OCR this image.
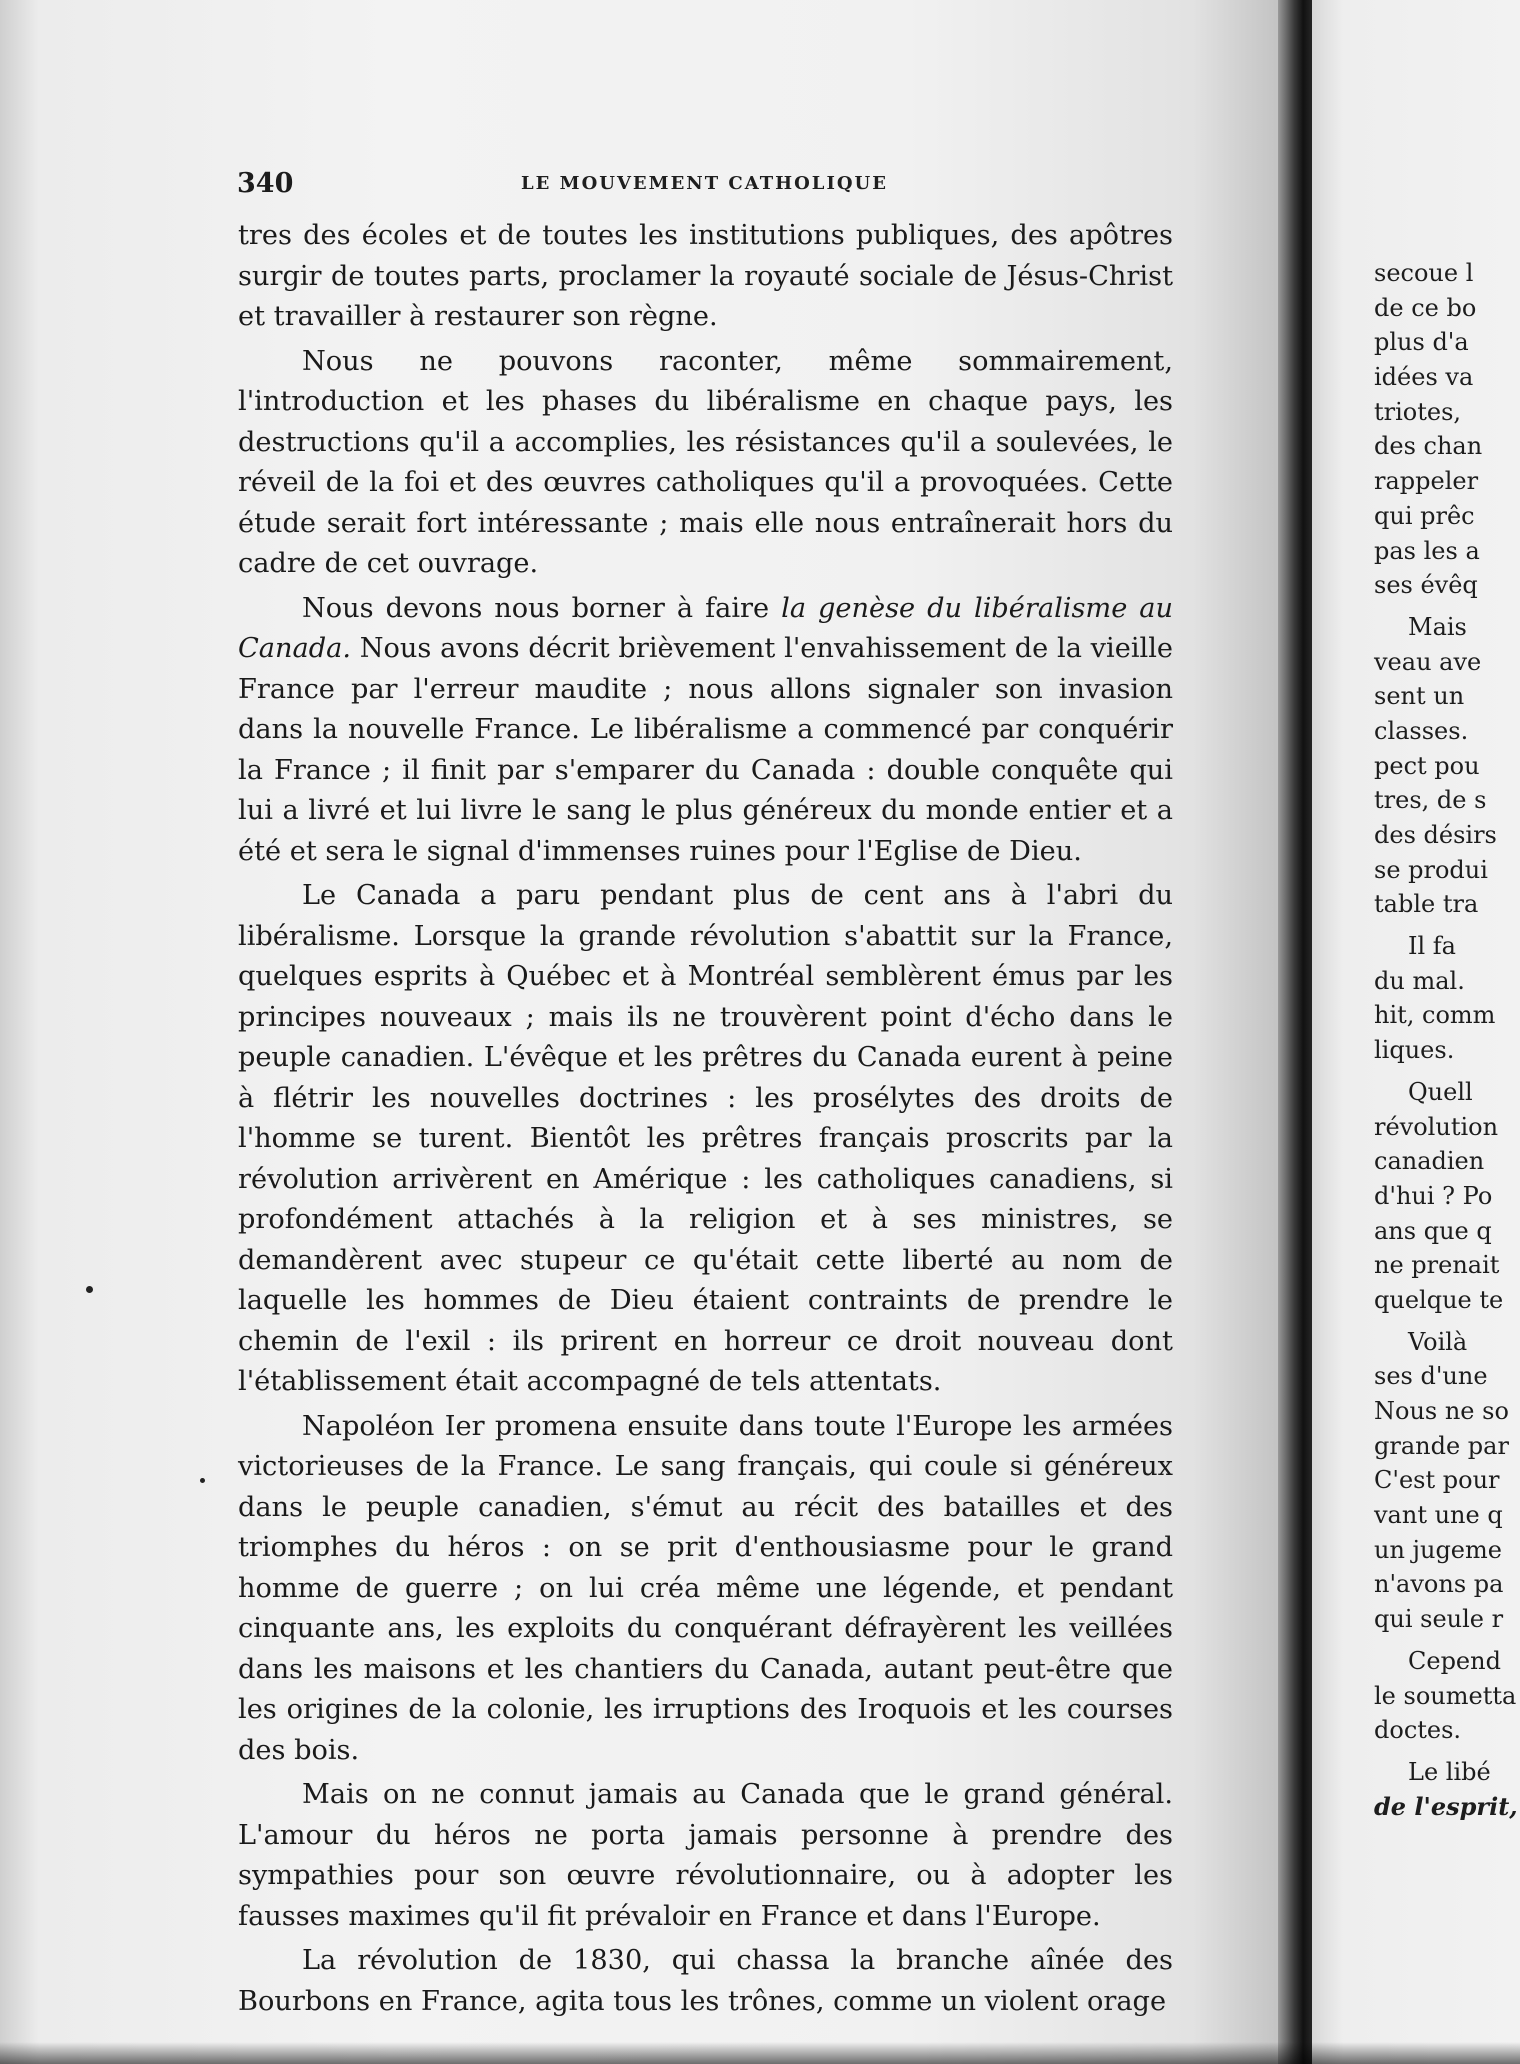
340	LE MOUVEMENT CATHOLIQUE

tres des écoles et de toutes les institutions publiques, des apôtres surgir de toutes parts, proclamer la royauté sociale de Jésus-Christ et travailler à restaurer son règne.

Nous ne pouvons raconter, même sommairement, l'introduction et les phases du libéralisme en chaque pays, les destructions qu'il a accomplies, les résistances qu'il a soulevées, le réveil de la foi et des œuvres catholiques qu'il a provoquées. Cette étude serait fort intéressante ; mais elle nous entraînerait hors du cadre de cet ouvrage.

Nous devons nous borner à faire la genèse du libéralisme au Canada. Nous avons décrit brièvement l'envahissement de la vieille France par l'erreur maudite ; nous allons signaler son invasion dans la nouvelle France. Le libéralisme a commencé par conquérir la France ; il finit par s'emparer du Canada : double conquête qui lui a livré et lui livre le sang le plus généreux du monde entier et a été et sera le signal d'immenses ruines pour l'Eglise de Dieu.

Le Canada a paru pendant plus de cent ans à l'abri du libéralisme. Lorsque la grande révolution s'abattit sur la France, quelques esprits à Québec et à Montréal semblèrent émus par les principes nouveaux ; mais ils ne trouvèrent point d'écho dans le peuple canadien. L'évêque et les prêtres du Canada eurent à peine à flétrir les nouvelles doctrines : les prosélytes des droits de l'homme se turent. Bientôt les prêtres français proscrits par la révolution arrivèrent en Amérique : les catholiques canadiens, si profondément attachés à la religion et à ses ministres, se demandèrent avec stupeur ce qu'était cette liberté au nom de laquelle les hommes de Dieu étaient contraints de prendre le chemin de l'exil : ils prirent en horreur ce droit nouveau dont l'établissement était accompagné de tels attentats.

Napoléon Ier promena ensuite dans toute l'Europe les armées victorieuses de la France. Le sang français, qui coule si généreux dans le peuple canadien, s'émut au récit des batailles et des triomphes du héros : on se prit d'enthousiasme pour le grand homme de guerre ; on lui créa même une légende, et pendant cinquante ans, les exploits du conquérant défrayèrent les veillées dans les maisons et les chantiers du Canada, autant peut-être que les origines de la colonie, les irruptions des Iroquois et les courses des bois.

Mais on ne connut jamais au Canada que le grand général. L'amour du héros ne porta jamais personne à prendre des sympathies pour son œuvre révolutionnaire, ou à adopter les fausses maximes qu'il fit prévaloir en France et dans l'Europe.

La révolution de 1830, qui chassa la branche aînée des Bourbons en France, agita tous les trônes, comme un violent orage

secoue l
de ce bo
plus d'a
idées va
triotes,
des chan
rappeler
qui prêc
pas les a
ses évêq
Mais
veau ave
sent un
classes.
pect pou
tres, de s
des désirs
se produi
table tra
Il fa
du mal.
hit, comm
liques.
Quell
révolution
canadien
d'hui ? Po
ans que q
ne prenait
quelque te
Voilà
ses d'une
Nous ne so
grande par
C'est pour
vant une q
un jugeme
n'avons pa
qui seule r
Cepend
le soumetta
doctes.
Le libé
de l'esprit,
